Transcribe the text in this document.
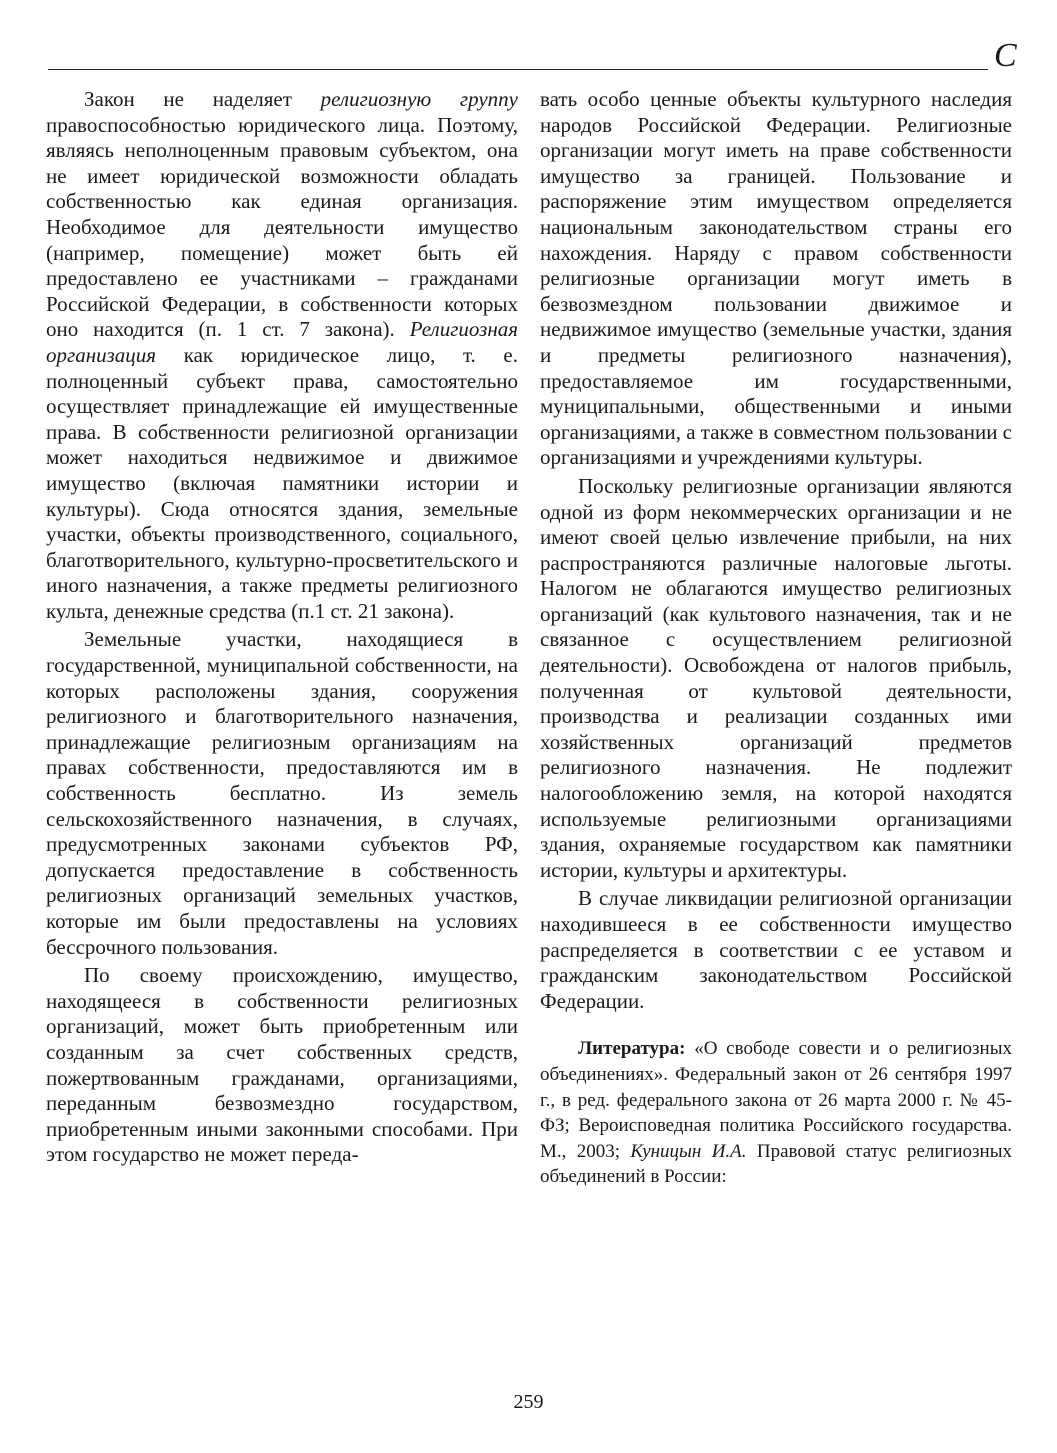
С

Закон не наделяет религиозную группу правоспособностью юридического лица. Поэтому, являясь неполноценным правовым субъектом, она не имеет юридической возможности обладать собственностью как единая организация. Необходимое для деятельности имущество (например, помещение) может быть ей предоставлено ее участниками – гражданами Российской Федерации, в собственности которых оно находится (п. 1 ст. 7 закона). Религиозная организация как юридическое лицо, т. е. полноценный субъект права, самостоятельно осуществляет принадлежащие ей имущественные права. В собственности религиозной организации может находиться недвижимое и движимое имущество (включая памятники истории и культуры). Сюда относятся здания, земельные участки, объекты производственного, социального, благотворительного, культурно-просветительского и иного назначения, а также предметы религиозного культа, денежные средства (п.1 ст. 21 закона).

Земельные участки, находящиеся в государственной, муниципальной собственности, на которых расположены здания, сооружения религиозного и благотворительного назначения, принадлежащие религиозным организациям на правах собственности, предоставляются им в собственность бесплатно. Из земель сельскохозяйственного назначения, в случаях, предусмотренных законами субъектов РФ, допускается предоставление в собственность религиозных организаций земельных участков, которые им были предоставлены на условиях бессрочного пользования.

По своему происхождению, имущество, находящееся в собственности религиозных организаций, может быть приобретенным или созданным за счет собственных средств, пожертвованным гражданами, организациями, переданным безвозмездно государством, приобретенным иными законными способами. При этом государство не может переда-

вать особо ценные объекты культурного наследия народов Российской Федерации. Религиозные организации могут иметь на праве собственности имущество за границей. Пользование и распоряжение этим имуществом определяется национальным законодательством страны его нахождения. Наряду с правом собственности религиозные организации могут иметь в безвозмездном пользовании движимое и недвижимое имущество (земельные участки, здания и предметы религиозного назначения), предоставляемое им государственными, муниципальными, общественными и иными организациями, а также в совместном пользовании с организациями и учреждениями культуры.

Поскольку религиозные организации являются одной из форм некоммерческих организации и не имеют своей целью извлечение прибыли, на них распространяются различные налоговые льготы. Налогом не облагаются имущество религиозных организаций (как культового назначения, так и не связанное с осуществлением религиозной деятельности). Освобождена от налогов прибыль, полученная от культовой деятельности, производства и реализации созданных ими хозяйственных организаций предметов религиозного назначения. Не подлежит налогообложению земля, на которой находятся используемые религиозными организациями здания, охраняемые государством как памятники истории, культуры и архитектуры.

В случае ликвидации религиозной организации находившееся в ее собственности имущество распределяется в соответствии с ее уставом и гражданским законодательством Российской Федерации.

Литература: «О свободе совести и о религиозных объединениях». Федеральный закон от 26 сентября 1997 г., в ред. федерального закона от 26 марта 2000 г. № 45-ФЗ; Вероисповедная политика Российского государства. М., 2003; Куницын И.А. Правовой статус религиозных объединений в России:

259
